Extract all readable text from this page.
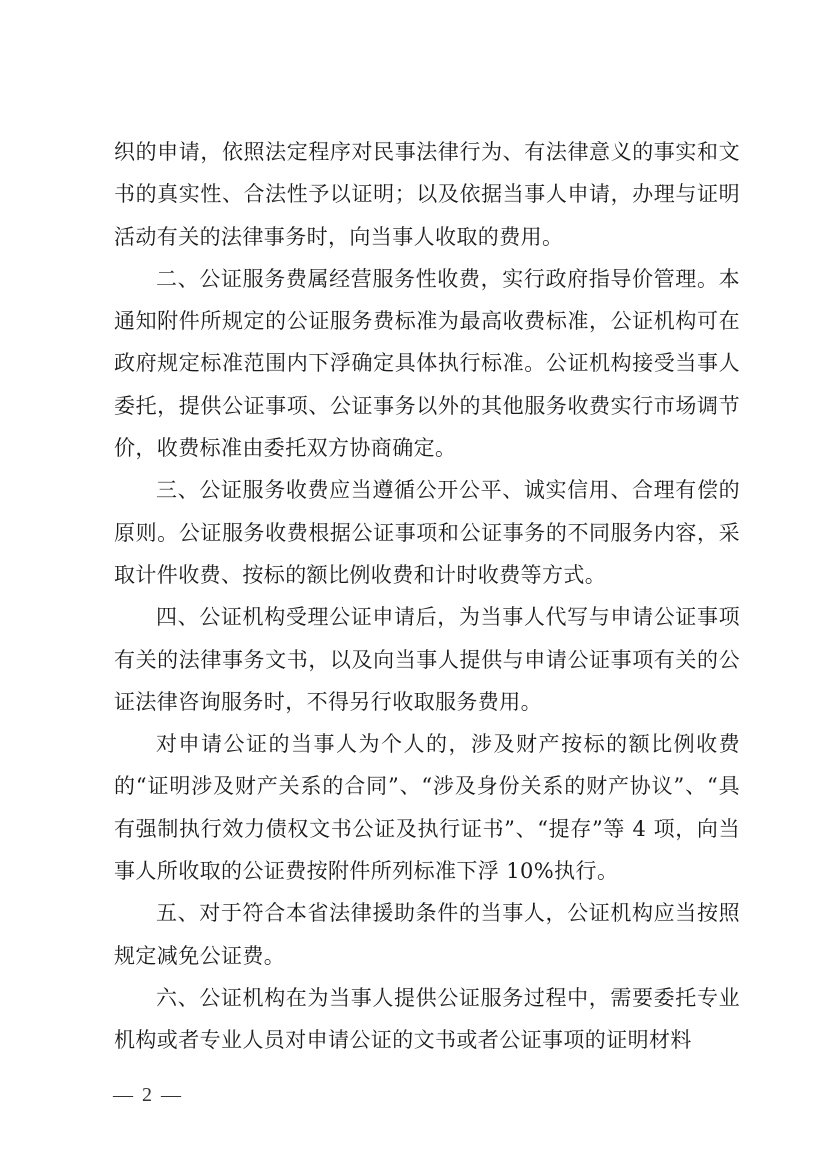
织的申请，依照法定程序对民事法律行为、有法律意义的事实和文书的真实性、合法性予以证明；以及依据当事人申请，办理与证明活动有关的法律事务时，向当事人收取的费用。

二、公证服务费属经营服务性收费，实行政府指导价管理。本通知附件所规定的公证服务费标准为最高收费标准，公证机构可在政府规定标准范围内下浮确定具体执行标准。公证机构接受当事人委托，提供公证事项、公证事务以外的其他服务收费实行市场调节价，收费标准由委托双方协商确定。

三、公证服务收费应当遵循公开公平、诚实信用、合理有偿的原则。公证服务收费根据公证事项和公证事务的不同服务内容，采取计件收费、按标的额比例收费和计时收费等方式。

四、公证机构受理公证申请后，为当事人代写与申请公证事项有关的法律事务文书，以及向当事人提供与申请公证事项有关的公证法律咨询服务时，不得另行收取服务费用。

对申请公证的当事人为个人的，涉及财产按标的额比例收费的“证明涉及财产关系的合同”、“涉及身份关系的财产协议”、“具有强制执行效力债权文书公证及执行证书”、“提存”等 4 项，向当事人所收取的公证费按附件所列标准下浮 10%执行。

五、对于符合本省法律援助条件的当事人，公证机构应当按照规定减免公证费。

六、公证机构在为当事人提供公证服务过程中，需要委托专业机构或者专业人员对申请公证的文书或者公证事项的证明材料

— 2 —
